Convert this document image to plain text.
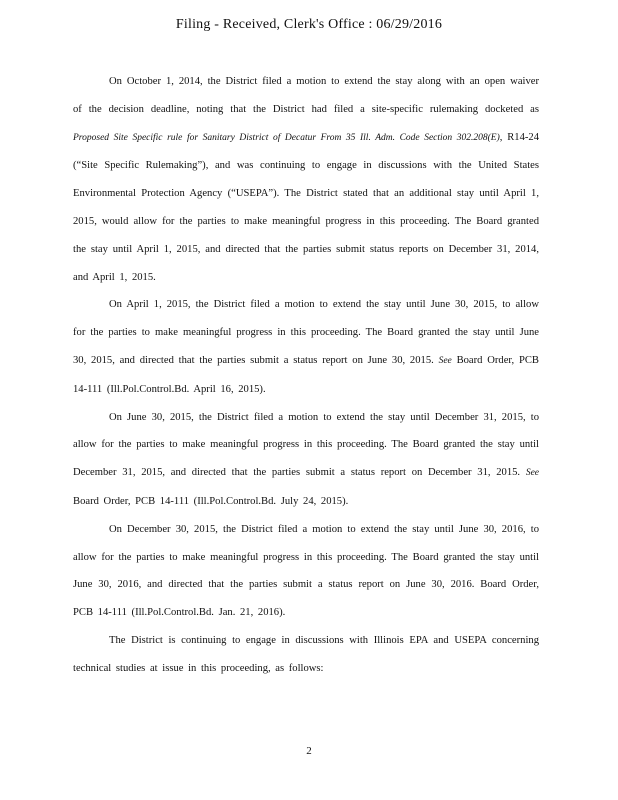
Filing - Received, Clerk's Office : 06/29/2016

On October 1, 2014, the District filed a motion to extend the stay along with an open waiver of the decision deadline, noting that the District had filed a site-specific rulemaking docketed as Proposed Site Specific rule for Sanitary District of Decatur From 35 Ill. Adm. Code Section 302.208(E), R14-24 (“Site Specific Rulemaking”), and was continuing to engage in discussions with the United States Environmental Protection Agency (“USEPA”). The District stated that an additional stay until April 1, 2015, would allow for the parties to make meaningful progress in this proceeding. The Board granted the stay until April 1, 2015, and directed that the parties submit status reports on December 31, 2014, and April 1, 2015.

On April 1, 2015, the District filed a motion to extend the stay until June 30, 2015, to allow for the parties to make meaningful progress in this proceeding. The Board granted the stay until June 30, 2015, and directed that the parties submit a status report on June 30, 2015. See Board Order, PCB 14-111 (Ill.Pol.Control.Bd. April 16, 2015).

On June 30, 2015, the District filed a motion to extend the stay until December 31, 2015, to allow for the parties to make meaningful progress in this proceeding. The Board granted the stay until December 31, 2015, and directed that the parties submit a status report on December 31, 2015. See Board Order, PCB 14-111 (Ill.Pol.Control.Bd. July 24, 2015).

On December 30, 2015, the District filed a motion to extend the stay until June 30, 2016, to allow for the parties to make meaningful progress in this proceeding. The Board granted the stay until June 30, 2016, and directed that the parties submit a status report on June 30, 2016. Board Order, PCB 14-111 (Ill.Pol.Control.Bd. Jan. 21, 2016).

The District is continuing to engage in discussions with Illinois EPA and USEPA concerning technical studies at issue in this proceeding, as follows:

2
